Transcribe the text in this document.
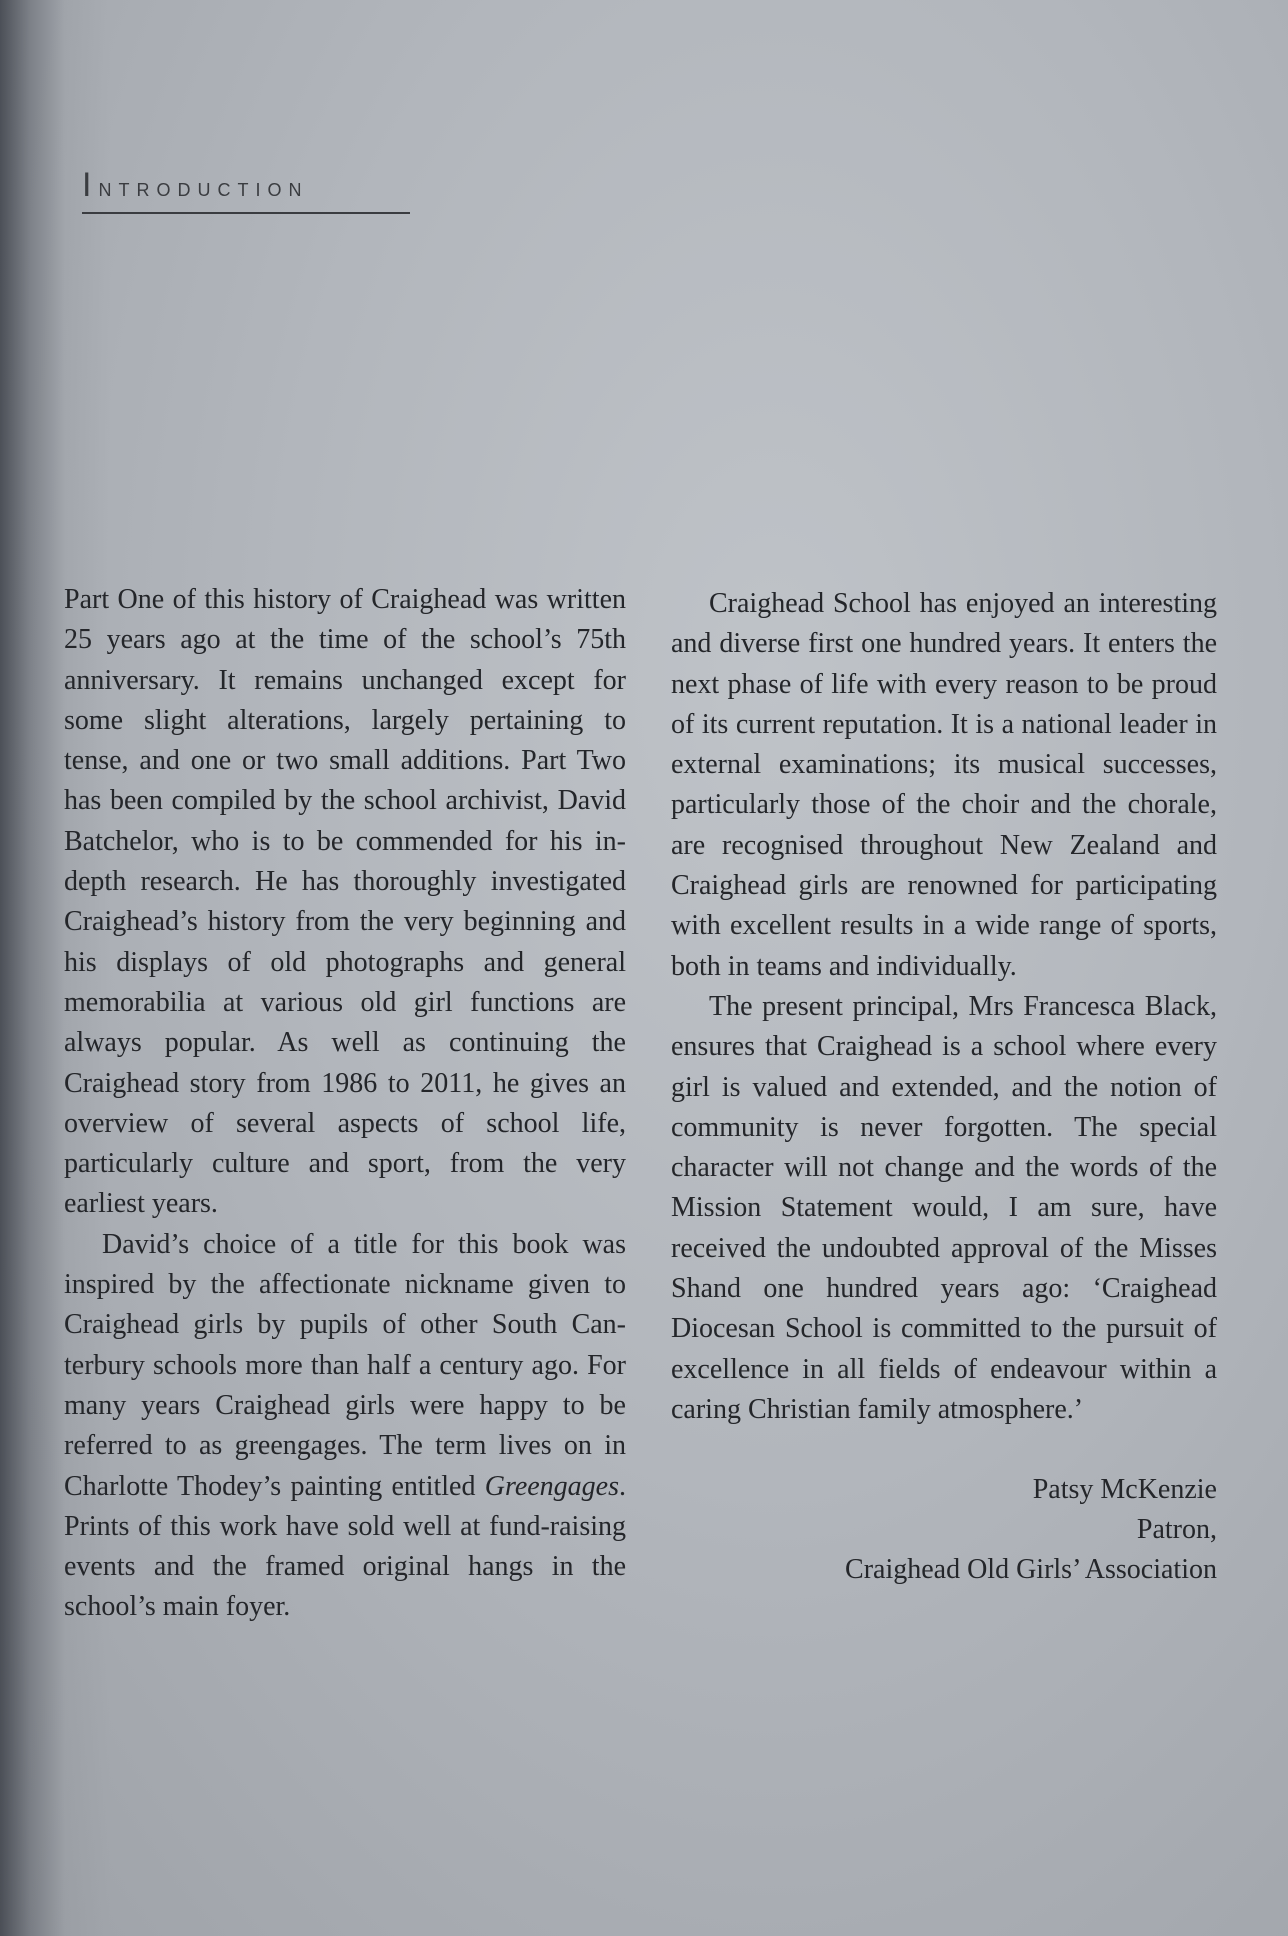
Introduction

Part One of this history of Craighead was written 25 years ago at the time of the school’s 75th anniversary. It remains unchanged except for some slight alterations, largely pertaining to tense, and one or two small additions. Part Two has been compiled by the school archivist, David Batchelor, who is to be commended for his in-depth research. He has thoroughly investigated Craighead’s history from the very beginning and his displays of old photographs and general memorabilia at various old girl functions are always popular. As well as continuing the Craighead story from 1986 to 2011, he gives an overview of several aspects of school life, particularly culture and sport, from the very earliest years.

David’s choice of a title for this book was inspired by the affectionate nickname given to Craighead girls by pupils of other South Canterbury schools more than half a century ago. For many years Craighead girls were happy to be referred to as greengages. The term lives on in Charlotte Thodey’s painting entitled Greengages. Prints of this work have sold well at fund-raising events and the framed original hangs in the school’s main foyer.

Craighead School has enjoyed an interesting and diverse first one hundred years. It enters the next phase of life with every reason to be proud of its current reputation. It is a national leader in external examinations; its musical successes, particularly those of the choir and the chorale, are recognised throughout New Zealand and Craighead girls are renowned for participating with excellent results in a wide range of sports, both in teams and individually.

The present principal, Mrs Francesca Black, ensures that Craighead is a school where every girl is valued and extended, and the notion of community is never forgotten. The special character will not change and the words of the Mission Statement would, I am sure, have received the undoubted approval of the Misses Shand one hundred years ago: ‘Craighead Diocesan School is committed to the pursuit of excellence in all fields of endeavour within a caring Christian family atmosphere.’

Patsy McKenzie
Patron,
Craighead Old Girls’ Association
